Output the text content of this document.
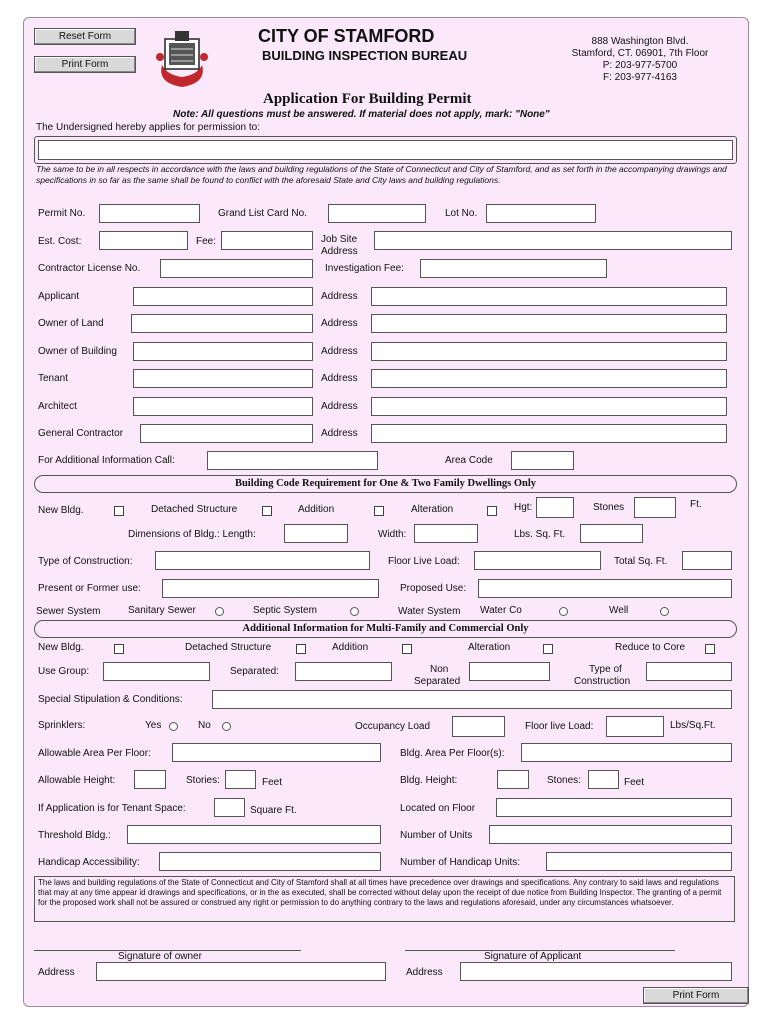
Reset Form
Print Form
CITY OF STAMFORD
BUILDING INSPECTION BUREAU
888 Washington Blvd.
Stamford, CT. 06901, 7th Floor
P: 203-977-5700
F: 203-977-4163
Application For Building Permit
Note: All questions must be answered. If material does not apply, mark: "None"
The Undersigned hereby applies for permission to:
The same to be in all respects in accordance with the laws and building regulations of the State of Connecticut and City of Stamford, and as set forth in the accompanying drawings and specifications in so far as the same shall be found to conflict with the aforesaid State and City laws and building regulations.
Permit No.	Grand List Card No.	Lot No.
Est. Cost:	Fee:	Job Site
Address
Contractor License No.	Investigation Fee:
Applicant	Address
Owner of Land	Address
Owner of Building	Address
Tenant	Address
Architect	Address
General Contractor	Address
For Additional Information Call:	Area Code
Building Code Requirement for One & Two Family Dwellings Only
New Bldg.	Detached Structure	Addition	Alteration	Hgt:	Stones	Ft.
Dimensions of Bldg.: Length:	Width:	Lbs. Sq. Ft.
Type of Construction:	Floor Live Load:	Total Sq. Ft.
Present or Former use:	Proposed Use:
Sewer System	Sanitary Sewer	Septic System	Water System Water Co	Well
Additional Information for Multi-Family and Commercial Only
New Bldg.	Detached Structure	Addition	Alteration	Reduce to Core
Use Group:	Separated:	Non
Separated
Type of
Construction
Special Stipulation & Conditions:
Sprinklers:	Yes	No	Occupancy Load	Floor live Load:	Lbs/Sq.Ft.
Allowable Area Per Floor:	Bldg. Area Per Floor(s):
Allowable Height:	Stories:	Feet	Bldg. Height:	Stones:	Feet
If Application is for Tenant Space:	Square Ft.	Located on Floor
Threshold Bldg.:	Number of Units
Handicap Accessibility:	Number of Handicap Units:
The laws and building regulations of the State of Connecticut and City of Stamford shall at all times have precedence over drawings and specifications. Any contrary to said laws and regulations that may at any time appear id drawings and specifications, or in the as executed, shall be corrected without delay upon the receipt of due notice from Building Inspector. The granting of a permit for the proposed work shall not be assured or construed any right or permission to do anything contrary to the laws and regulations aforesaid, under any circumstances whatsoever.
Signature of owner	Signature of Applicant
Address	Address
Print Form
